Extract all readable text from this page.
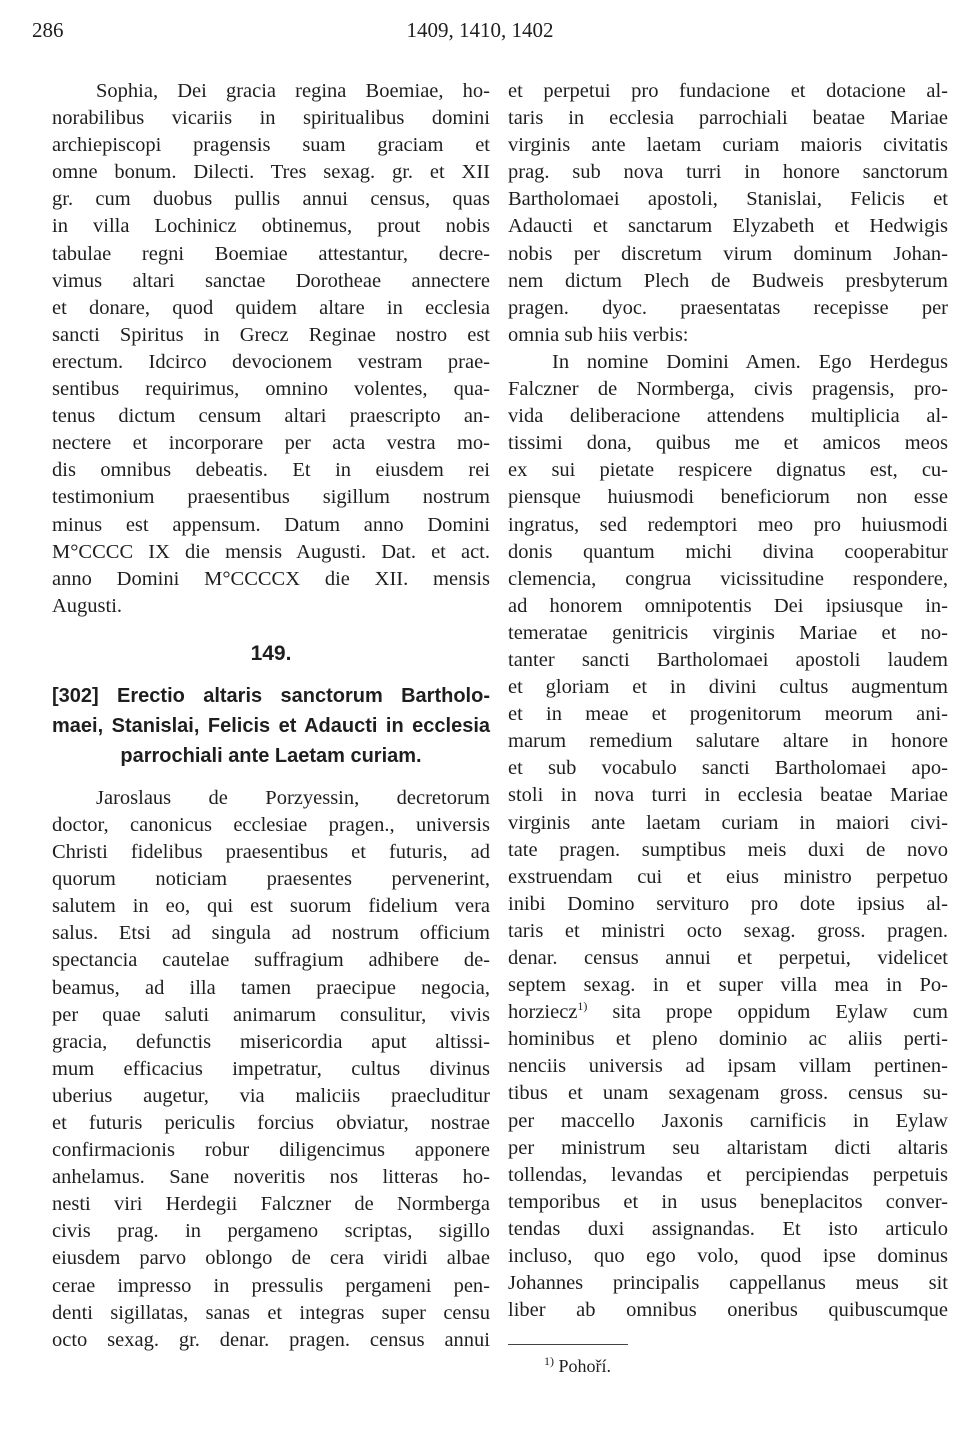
286	1409, 1410, 1402
Sophia, Dei gracia regina Boemiae, ho-
norabilibus vicariis in spiritualibus domini
archiepiscopi pragensis suam graciam et
omne bonum. Dilecti. Tres sexag. gr. et XII
gr. cum duobus pullis annui census, quas
in villa Lochinicz obtinemus, prout nobis
tabulae regni Boemiae attestantur, decre-
vimus altari sanctae Dorotheae annectere
et donare, quod quidem altare in ecclesia
sancti Spiritus in Grecz Reginae nostro est
erectum. Idcirco devocionem vestram prae-
sentibus requirimus, omnino volentes, qua-
tenus dictum censum altari praescripto an-
nectere et incorporare per acta vestra mo-
dis omnibus debeatis. Et in eiusdem rei
testimonium praesentibus sigillum nostrum
minus est appensum. Datum anno Domini
M°CCCC IX die mensis Augusti. Dat. et act.
anno Domini M°CCCCX die XII. mensis
Augusti.
149.
[302] Erectio altaris sanctorum Bartholo-
maei, Stanislai, Felicis et Adaucti in ecclesia
parrochiali ante Laetam curiam.
Jaroslaus de Porzyessin, decretorum
doctor, canonicus ecclesiae pragen., universis
Christi fidelibus praesentibus et futuris, ad
quorum noticiam praesentes pervenerint,
salutem in eo, qui est suorum fidelium vera
salus. Etsi ad singula ad nostrum officium
spectancia cautelae suffragium adhibere de-
beamus, ad illa tamen praecipue negocia,
per quae saluti animarum consulitur, vivis
gracia, defunctis misericordia aput altissi-
mum efficacius impetratur, cultus divinus
uberius augetur, via maliciis praecluditur
et futuris periculis forcius obviatur, nostrae
confirmacionis robur diligencimus apponere
anhelamus. Sane noveritis nos litteras ho-
nesti viri Herdegii Falczner de Normberga
civis prag. in pergameno scriptas, sigillo
eiusdem parvo oblongo de cera viridi albae
cerae impresso in pressulis pergameni pen-
denti sigillatas, sanas et integras super censu
octo sexag. gr. denar. pragen. census annui
et perpetui pro fundacione et dotacione al-
taris in ecclesia parrochiali beatae Mariae
virginis ante laetam curiam maioris civitatis
prag. sub nova turri in honore sanctorum
Bartholomaei apostoli, Stanislai, Felicis et
Adaucti et sanctarum Elyzabeth et Hedwigis
nobis per discretum virum dominum Johan-
nem dictum Plech de Budweis presbyterum
pragen. dyoc. praesentatas recepisse per
omnia sub hiis verbis:
In nomine Domini Amen. Ego Herdegus
Falczner de Normberga, civis pragensis, pro-
vida deliberacione attendens multiplicia al-
tissimi dona, quibus me et amicos meos
ex sui pietate respicere dignatus est, cu-
piensque huiusmodi beneficiorum non esse
ingratus, sed redemptori meo pro huiusmodi
donis quantum michi divina cooperabitur
clemencia, congrua vicissitudine respondere,
ad honorem omnipotentis Dei ipsiusque in-
temeratae genitricis virginis Mariae et no-
tanter sancti Bartholomaei apostoli laudem
et gloriam et in divini cultus augmentum
et in meae et progenitorum meorum ani-
marum remedium salutare altare in honore
et sub vocabulo sancti Bartholomaei apo-
stoli in nova turri in ecclesia beatae Mariae
virginis ante laetam curiam in maiori civi-
tate pragen. sumptibus meis duxi de novo
exstruendam cui et eius ministro perpetuo
inibi Domino servituro pro dote ipsius al-
taris et ministri octo sexag. gross. pragen.
denar. census annui et perpetui, videlicet
septem sexag. in et super villa mea in Po-
horziecz$^{1)}$ sita prope oppidum Eylaw cum
hominibus et pleno dominio ac aliis perti-
nenciis universis ad ipsam villam pertinen-
tibus et unam sexagenam gross. census su-
per maccello Jaxonis carnificis in Eylaw
per ministrum seu altaristam dicti altaris
tollendas, levandas et percipiendas perpetuis
temporibus et in usus beneplacitos conver-
tendas duxi assignandas. Et isto articulo
incluso, quo ego volo, quod ipse dominus
Johannes principalis cappellanus meus sit
liber ab omnibus oneribus quibuscumque
$^{1)}$ Pohoří.
